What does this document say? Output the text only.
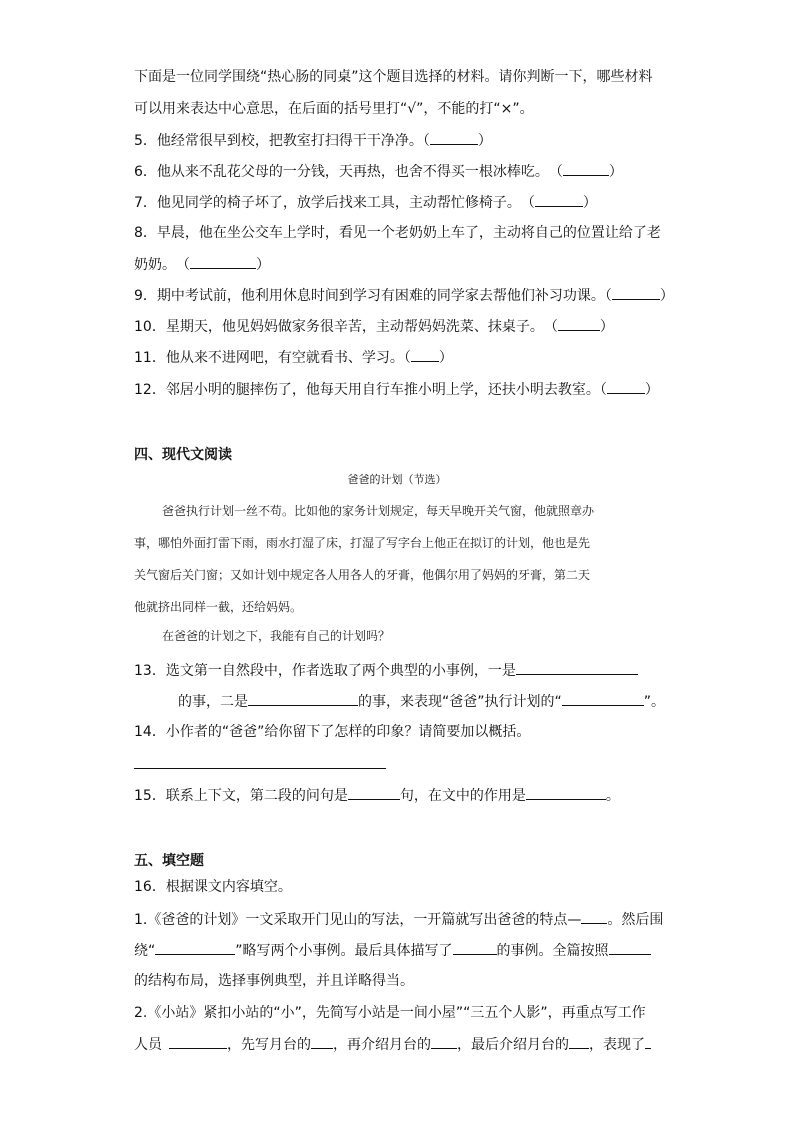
下面是一位同学围绕“热心肠的同桌”这个题目选择的材料。请你判断一下，哪些材料
可以用来表达中心意思，在后面的括号里打“√”，不能的打“×”。
5．他经常很早到校，把教室打扫得干干净净。（	）
6．他从来不乱花父母的一分钱，天再热，也舍不得买一根冰棒吃。　（	）
7．他见同学的椅子坏了，放学后找来工具，主动帮忙修椅子。　（	）
8．早晨，他在坐公交车上学时，看见一个老奶奶上车了，主动将自己的位置让给了老
奶奶。　（	）
9．期中考试前，他利用休息时间到学习有困难的同学家去帮他们补习功课。（	）
10．星期天，他见妈妈做家务很辛苦，主动帮妈妈洗菜、抹桌子。　（	）
11．他从来不进网吧，有空就看书、学习。（ ）
12．邻居小明的腿摔伤了，他每天用自行车推小明上学，还扶小明去教室。（	）
四、现代文阅读
爸爸的计划（节选）
爸爸执行计划一丝不苟。比如他的家务计划规定，每天早晚开关气窗，他就照章办
事，哪怕外面打雷下雨，雨水打湿了床，打湿了写字台上他正在拟订的计划，他也是先
关气窗后关门窗；又如计划中规定各人用各人的牙膏，他偶尔用了妈妈的牙膏，第二天
他就挤出同样一截，还给妈妈。
在爸爸的计划之下，我能有自己的计划吗？
13．选文第一自然段中，作者选取了两个典型的小事例，一是
的事，二是	的事，来表现“爸爸”执行计划的“	”。
14．小作者的“爸爸”给你留下了怎样的印象？请简要加以概括。
15．联系上下文，第二段的问句是	句，在文中的作用是	。
五、填空题
16．根据课文内容填空。
1.《爸爸的计划》一文采取开门见山的写法，一开篇就写出爸爸的特点— 。然后围
绕“	”略写两个小事例。最后具体描写了	的事例。全篇按照
的结构布局，选择事例典型，并且详略得当。
2.《小站》紧扣小站的“小”，先简写小站是一间小屋”“三五个人影”，再重点写工作
人员 	，先写月台的 ，再介绍月台的 ，最后介绍月台的 ，表现了
